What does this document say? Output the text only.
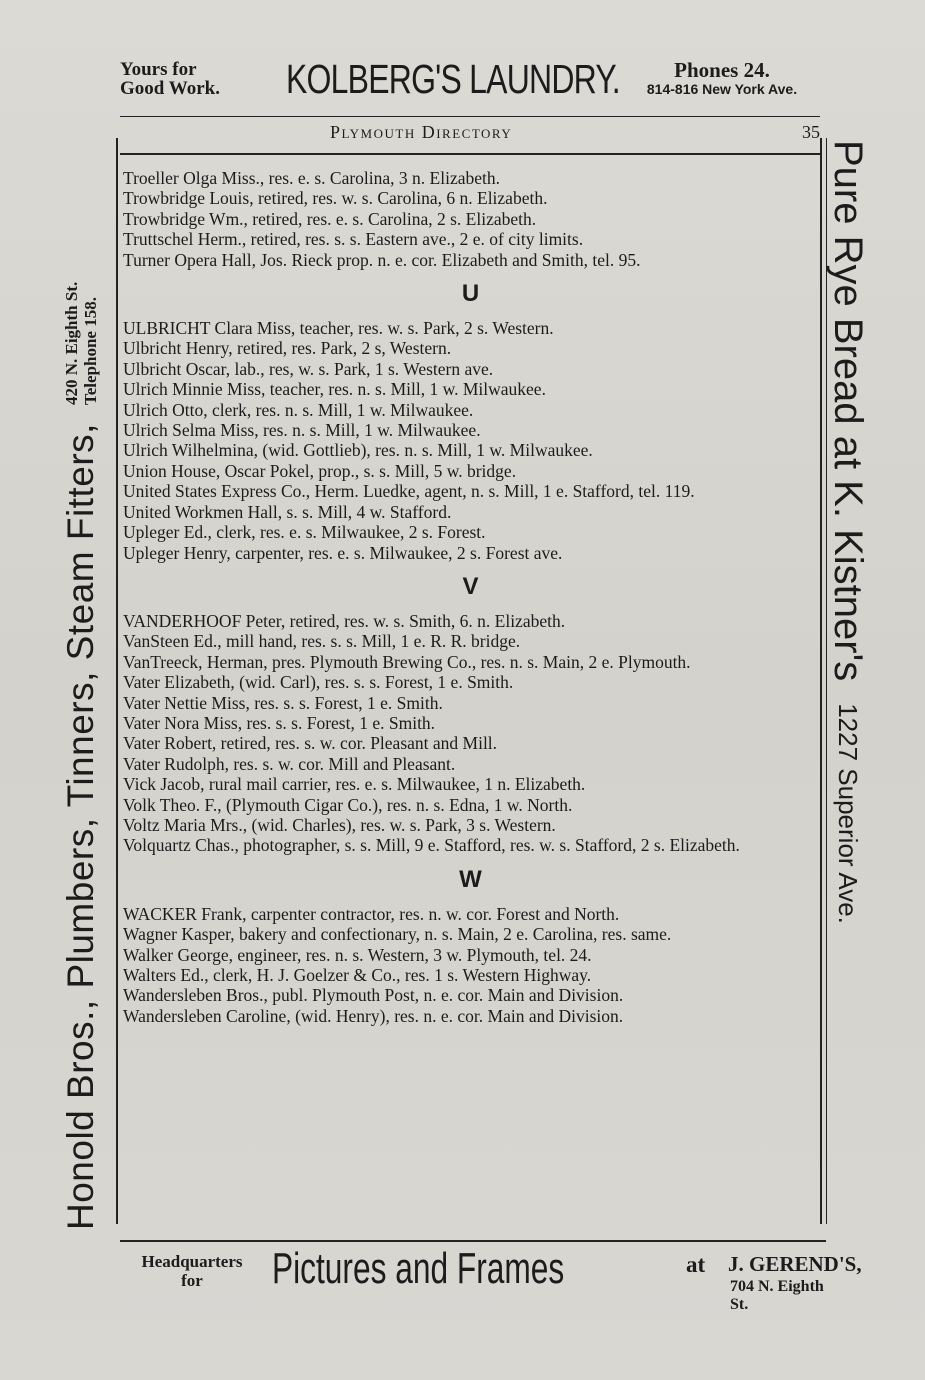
Yours for
Good Work. KOLBERG'S LAUNDRY.	Phones 24.
814-816 New York Ave.
Plymouth Directory	35
Troeller Olga Miss., res. e. s. Carolina, 3 n. Elizabeth.
Trowbridge Louis, retired, res. w. s. Carolina, 6 n. Elizabeth.
Trowbridge Wm., retired, res. e. s. Carolina, 2 s. Elizabeth.
Truttschel Herm., retired, res. s. s. Eastern ave., 2 e. of city limits.
Turner Opera Hall, Jos. Rieck prop. n. e. cor. Elizabeth and Smith, tel. 95.
U
ULBRICHT Clara Miss, teacher, res. w. s. Park, 2 s. Western.
Ulbricht Henry, retired, res. Park, 2 s, Western.
Ulbricht Oscar, lab., res, w. s. Park, 1 s. Western ave.
Ulrich Minnie Miss, teacher, res. n. s. Mill, 1 w. Milwaukee.
Ulrich Otto, clerk, res. n. s. Mill, 1 w. Milwaukee.
Ulrich Selma Miss, res. n. s. Mill, 1 w. Milwaukee.
Ulrich Wilhelmina, (wid. Gottlieb), res. n. s. Mill, 1 w. Milwaukee.
Union House, Oscar Pokel, prop., s. s. Mill, 5 w. bridge.
United States Express Co., Herm. Luedke, agent, n. s. Mill, 1 e. Stafford, tel. 119.
United Workmen Hall, s. s. Mill, 4 w. Stafford.
Upleger Ed., clerk, res. e. s. Milwaukee, 2 s. Forest.
Upleger Henry, carpenter, res. e. s. Milwaukee, 2 s. Forest ave.
V
VANDERHOOF Peter, retired, res. w. s. Smith, 6. n. Elizabeth.
VanSteen Ed., mill hand, res. s. s. Mill, 1 e. R. R. bridge.
VanTreeck, Herman, pres. Plymouth Brewing Co., res. n. s. Main, 2 e. Plymouth.
Vater Elizabeth, (wid. Carl), res. s. s. Forest, 1 e. Smith.
Vater Nettie Miss, res. s. s. Forest, 1 e. Smith.
Vater Nora Miss, res. s. s. Forest, 1 e. Smith.
Vater Robert, retired, res. s. w. cor. Pleasant and Mill.
Vater Rudolph, res. s. w. cor. Mill and Pleasant.
Vick Jacob, rural mail carrier, res. e. s. Milwaukee, 1 n. Elizabeth.
Volk Theo. F., (Plymouth Cigar Co.), res. n. s. Edna, 1 w. North.
Voltz Maria Mrs., (wid. Charles), res. w. s. Park, 3 s. Western.
Volquartz Chas., photographer, s. s. Mill, 9 e. Stafford, res. w. s. Stafford, 2 s. Elizabeth.
W
WACKER Frank, carpenter contractor, res. n. w. cor. Forest and North.
Wagner Kasper, bakery and confectionary, n. s. Main, 2 e. Carolina, res. same.
Walker George, engineer, res. n. s. Western, 3 w. Plymouth, tel. 24.
Walters Ed., clerk, H. J. Goelzer & Co., res. 1 s. Western Highway.
Wandersleben Bros., publ. Plymouth Post, n. e. cor. Main and Division.
Wandersleben Caroline, (wid. Henry), res. n. e. cor. Main and Division.
Honold Bros., Plumbers, Tinners, Steam Fitters,
420 N. Eighth St. Telephone 158.	Pure Rye Bread at K. Kistner's
1227 Superior Ave.
Headquarters
for	Pictures and Frames	at J. GEREND'S,
704 N. Eighth St.
